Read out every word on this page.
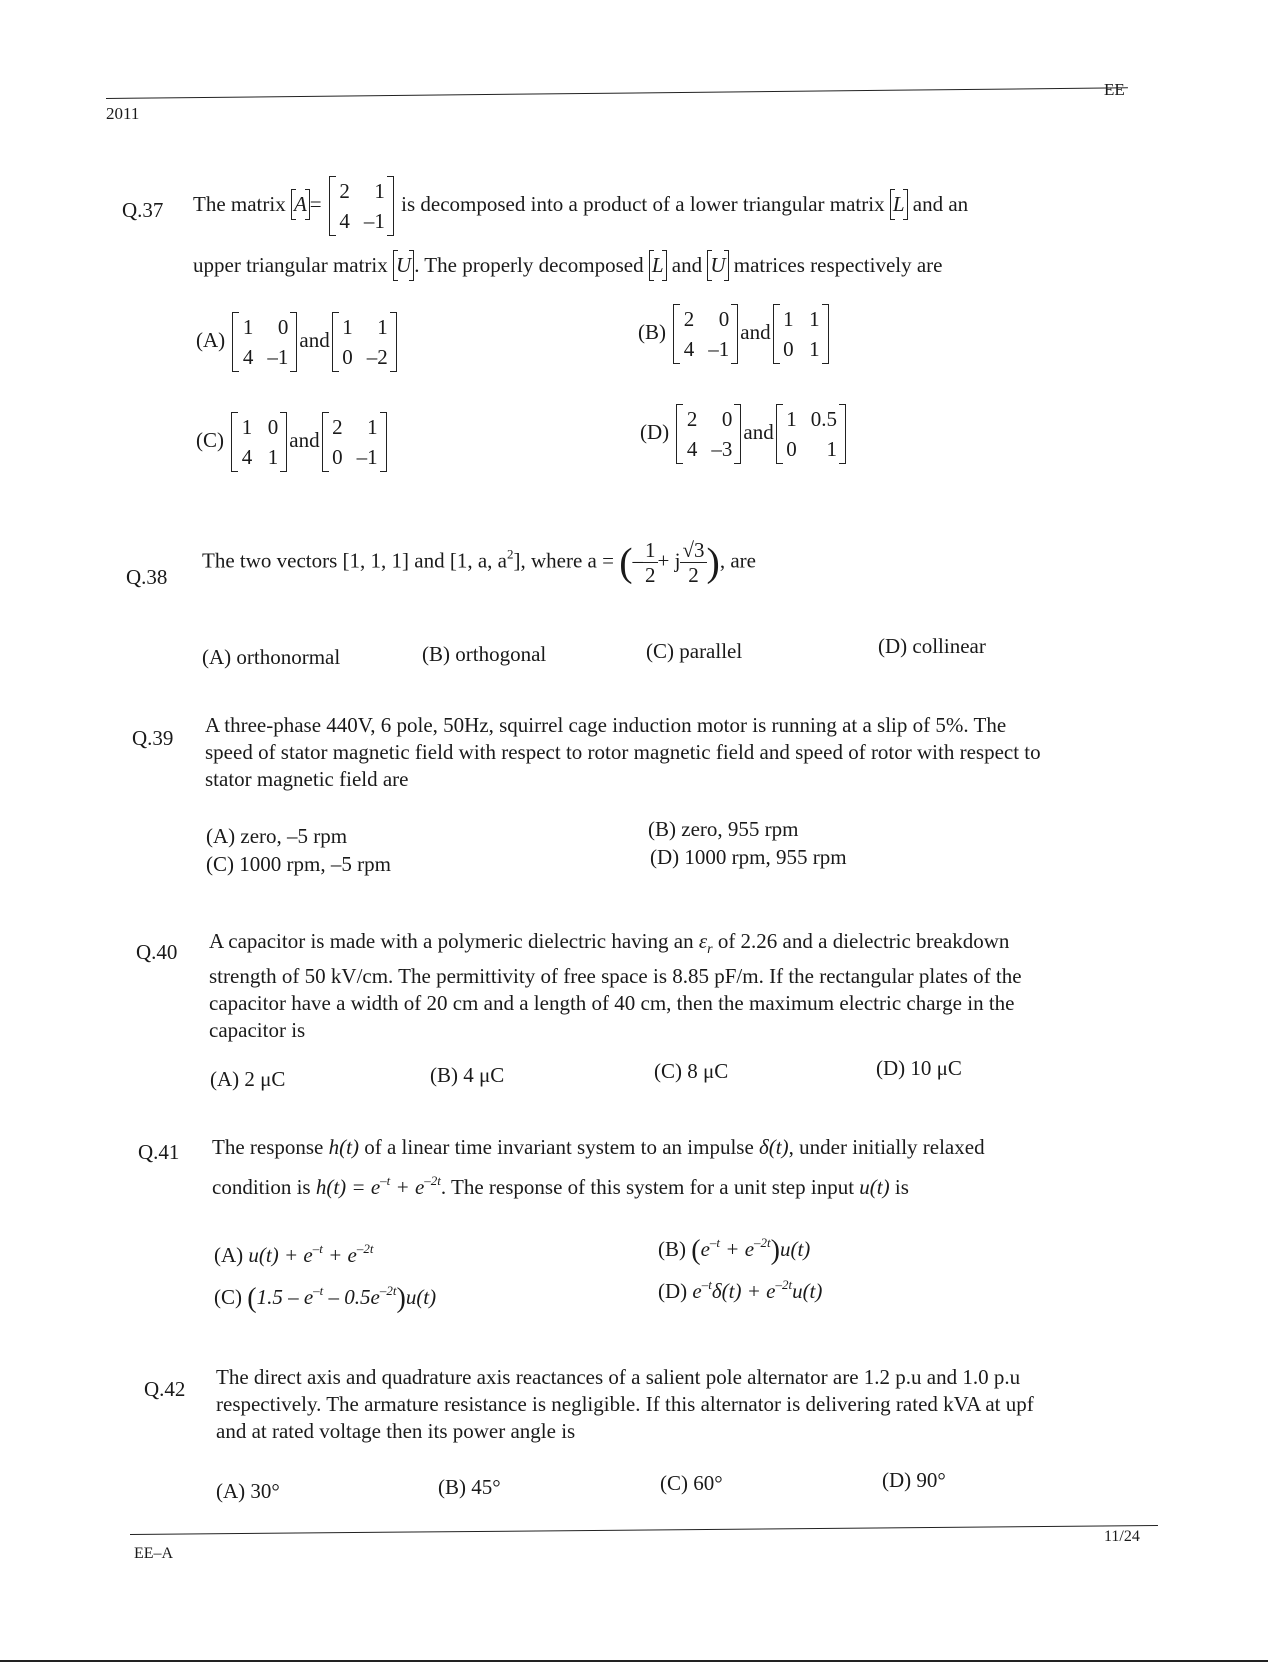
EE
2011
Q.37 The matrix A =
2 1
4 –1
is decomposed into a product of a lower triangular matrix L and an
upper triangular matrix U . The properly decomposed L and U matrices respectively are
(A)
1 0
4 –1
and
1 1
0 –2
(B)
2 0
4 –1
and
1 1
0 1
(C)
1 0
4 1
and
2 1
0 –1
(D)
2 0
4 –3
and
1 0.5
0 1
Q.38
The two vectors [1, 1, 1] and [1, a, $a^2$], where a = (– $\frac{1}{2} + j \frac{√3}{2}$ ), are
(A) orthonormal	(B) orthogonal	(C) parallel	(D) collinear
Q.39
A three-phase 440V, 6 pole, 50Hz, squirrel cage induction motor is running at a slip of 5%. The
speed of stator magnetic field with respect to rotor magnetic field and speed of rotor with respect to
stator magnetic field are
(A) zero, –5 rpm	(B) zero, 955 rpm
(C) 1000 rpm, –5 rpm	(D) 1000 rpm, 955 rpm
Q.40 A capacitor is made with a polymeric dielectric having an $\varepsilon_r$ of 2.26 and a dielectric breakdown
strength of 50 kV/cm. The permittivity of free space is 8.85 pF/m. If the rectangular plates of the
capacitor have a width of 20 cm and a length of 40 cm, then the maximum electric charge in the
capacitor is
(A) 2 μC	(B) 4 μC	(C) 8 μC	(D) 10 μC
Q.41 The response h(t) of a linear time invariant system to an impulse δ(t), under initially relaxed
condition is $h(t) = e^{-t} + e^{-2t}$. The response of this system for a unit step input u(t) is
(A) $u(t) + e^{-t} + e^{-2t}$	(B) $(e^{-t} + e^{-2t})u(t)$
(C) $(1.5 - e^{-t} - 0.5e^{-2t})u(t)$	(D) $e^{-t}\delta(t) + e^{-2t}u(t)$
Q.42 The direct axis and quadrature axis reactances of a salient pole alternator are 1.2 p.u and 1.0 p.u
respectively. The armature resistance is negligible. If this alternator is delivering rated kVA at upf
and at rated voltage then its power angle is
(A) 30°	(B) 45°	(C) 60°	(D) 90°
EE–A
11/24
